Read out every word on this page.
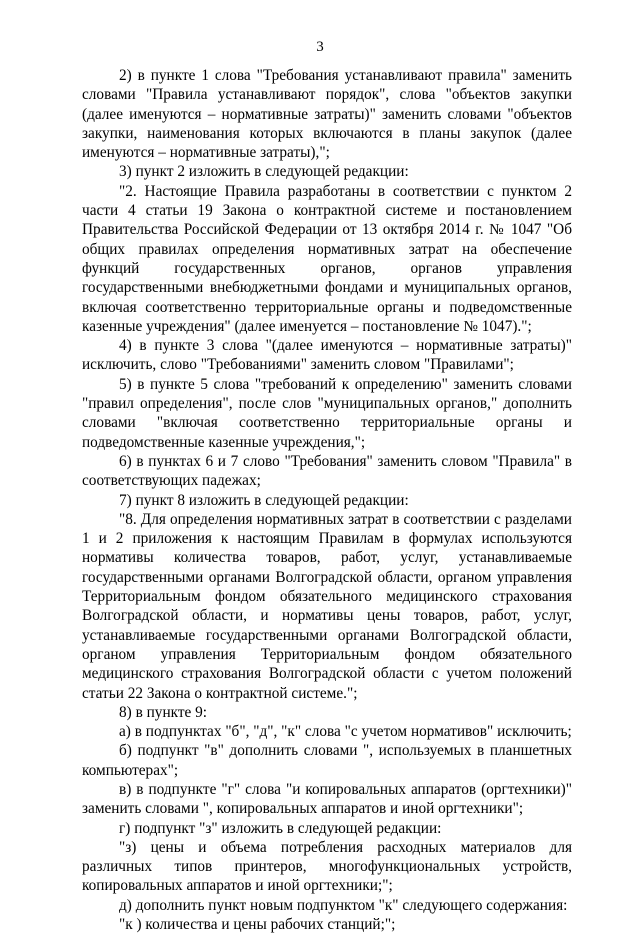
3

2) в пункте 1 слова "Требования устанавливают правила" заменить словами "Правила устанавливают порядок", слова "объектов закупки (далее именуются – нормативные затраты)" заменить словами "объектов закупки, наименования которых включаются в планы закупок (далее именуются – нормативные затраты),";

3) пункт 2 изложить в следующей редакции:

"2. Настоящие Правила разработаны в соответствии с пунктом 2 части 4 статьи 19 Закона о контрактной системе и постановлением Правительства Российской Федерации от 13 октября 2014 г. № 1047 "Об общих правилах определения нормативных затрат на обеспечение функций государственных органов, органов управления государственными внебюджетными фондами и муниципальных органов, включая соответственно территориальные органы и подведомственные казенные учреждения" (далее именуется – постановление № 1047).";

4) в пункте 3 слова "(далее именуются – нормативные затраты)" исключить, слово "Требованиями" заменить словом "Правилами";

5) в пункте 5 слова "требований к определению" заменить словами "правил определения", после слов "муниципальных органов," дополнить словами "включая соответственно территориальные органы и подведомственные казенные учреждения,";

6) в пунктах 6 и 7 слово "Требования" заменить словом "Правила" в соответствующих падежах;

7) пункт 8 изложить в следующей редакции:

"8. Для определения нормативных затрат в соответствии с разделами 1 и 2 приложения к настоящим Правилам в формулах используются нормативы количества товаров, работ, услуг, устанавливаемые государственными органами Волгоградской области, органом управления Территориальным фондом обязательного медицинского страхования Волгоградской области, и нормативы цены товаров, работ, услуг, устанавливаемые государственными органами Волгоградской области, органом управления Территориальным фондом обязательного медицинского страхования Волгоградской области с учетом положений статьи 22 Закона о контрактной системе.";

8) в пункте 9:

а) в подпунктах "б", "д", "к" слова "с учетом нормативов" исключить;

б) подпункт "в" дополнить словами ", используемых в планшетных компьютерах";

в) в подпункте "г" слова "и копировальных аппаратов (оргтехники)" заменить словами ", копировальных аппаратов и иной оргтехники";

г) подпункт "з" изложить в следующей редакции:

"з) цены и объема потребления расходных материалов для различных типов принтеров, многофункциональных устройств, копировальных аппаратов и иной оргтехники;";

д) дополнить пункт новым подпунктом "к" следующего содержания:

"к ) количества и цены рабочих станций;";
